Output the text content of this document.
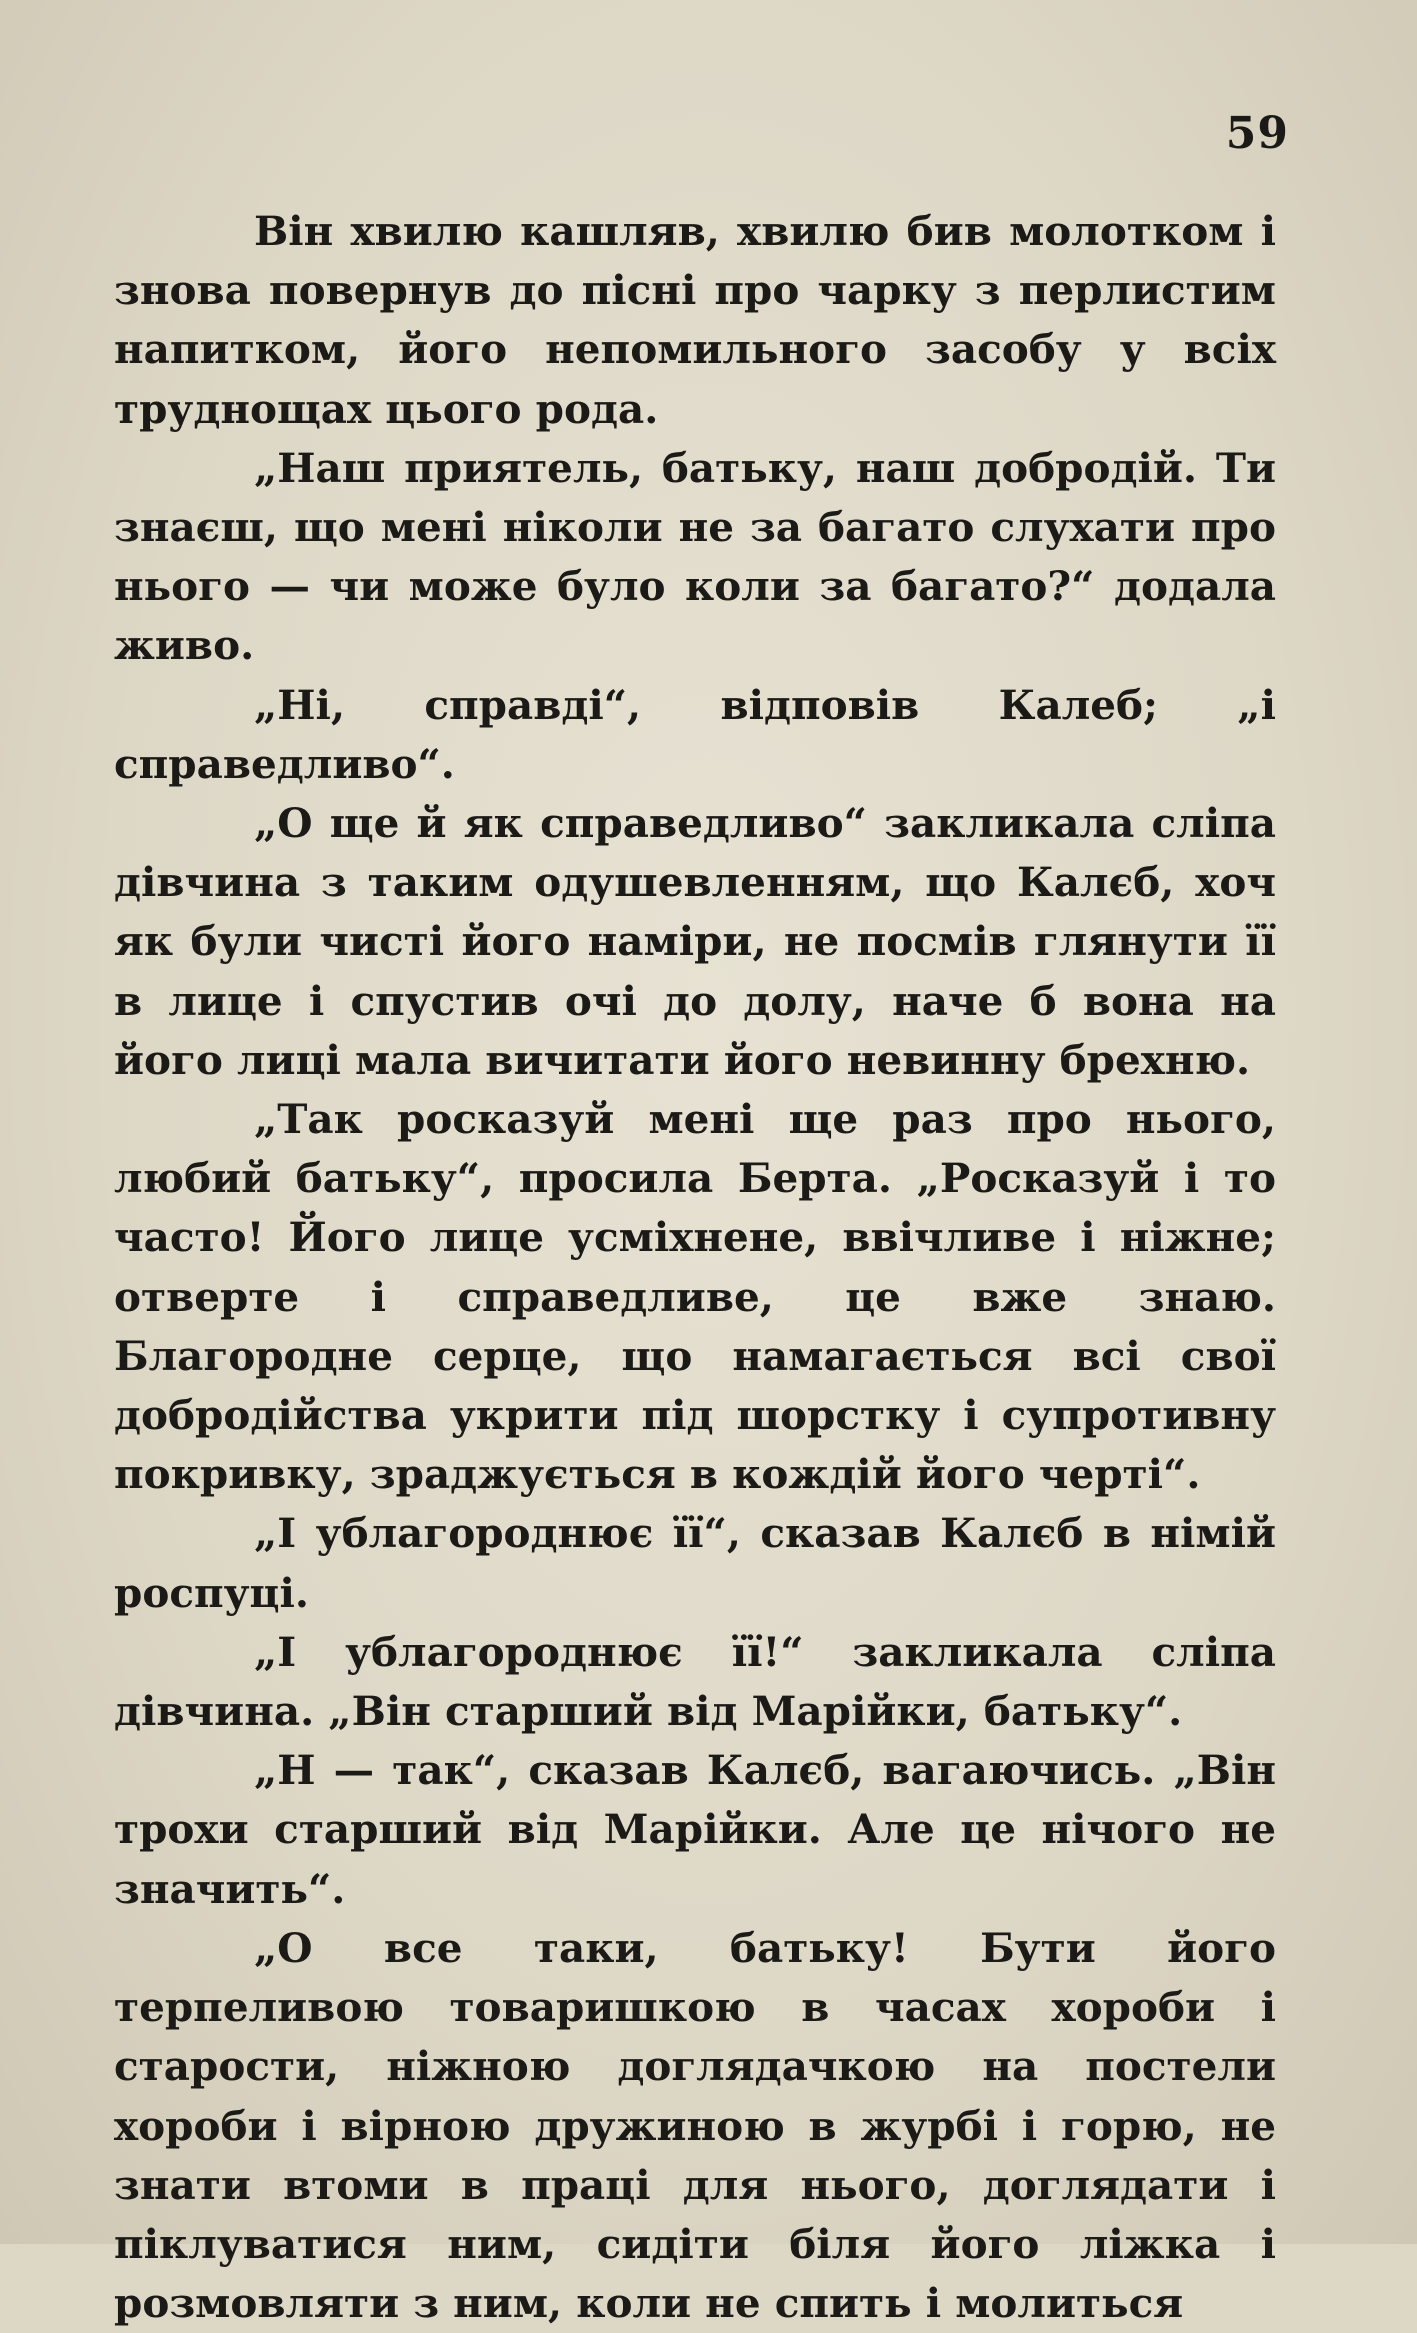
59

Він хвилю кашляв, хвилю бив молотком і знова повернув до пісні про чарку з перлистим напитком, його непомильного засобу у всіх труднощах цього рода.

„Наш приятель, батьку, наш добродій. Ти знаєш, що мені ніколи не за багато слухати про нього — чи може було коли за багато?“ додала живо.

„Ні, справді“, відповів Калеб; „і справедливо“.

„О ще й як справедливо“ закликала сліпа дівчина з таким одушевленням, що Калєб, хоч як були чисті його наміри, не посмів глянути її в лице і спустив очі до долу, наче б вона на його лиці мала вичитати його невинну брехню.

„Так росказуй мені ще раз про нього, любий батьку“, просила Берта. „Росказуй і то часто! Його лице усміхнене, ввічливе і ніжне; отверте і справедливе, це вже знаю. Благородне серце, що намагається всі свої добродійства укрити під шорстку і супротивну покривку, зраджується в кождій його черті“.

„І ублагороднює її“, сказав Калєб в німій роспуці.

„І ублагороднює її!“ закликала сліпа дівчина. „Він старший від Марійки, батьку“.

„Н — так“, сказав Калєб, вагаючись. „Він трохи старший від Марійки. Але це нічого не значить“.

„О все таки, батьку! Бути його терпеливою товаришкою в часах хороби і старости, ніжною доглядачкою на постели хороби і вірною дружиною в журбі і горю, не знати втоми в праці для нього, доглядати і піклуватися ним, сидіти біля його ліжка і розмовляти з ним, коли не спить і молиться
